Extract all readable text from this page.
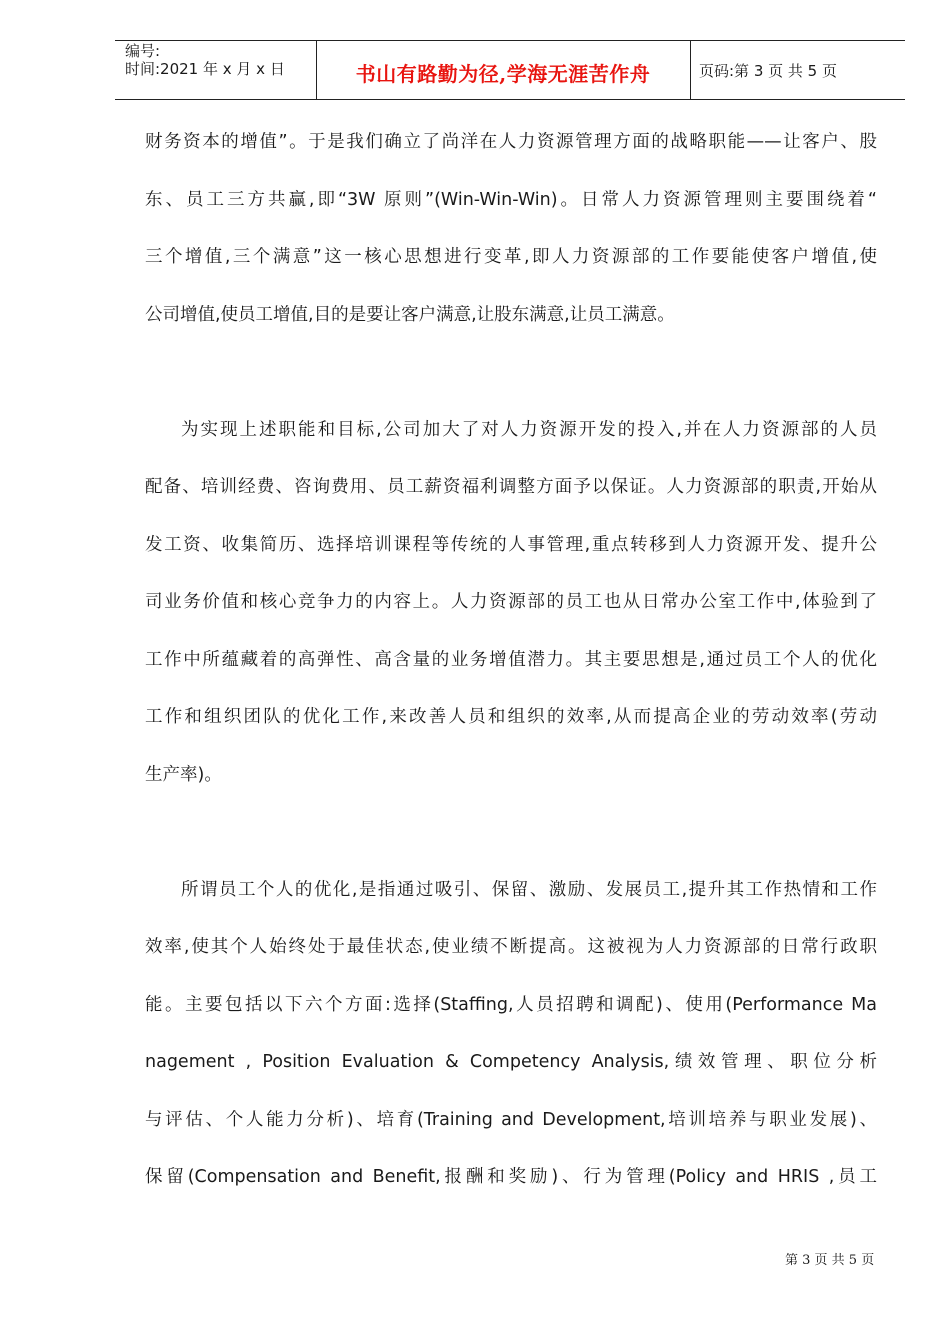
编号:
时间:2021 年 x 月 x 日	书山有路勤为径,学海无涯苦作舟	页码:第 3 页 共 5 页
财务资本的增值”。于是我们确立了尚洋在人力资源管理方面的战略职能——让客户、股
东、员工三方共赢,即“3W 原则”(Win-Win-Win)。日常人力资源管理则主要围绕着“
三个增值,三个满意”这一核心思想进行变革,即人力资源部的工作要能使客户增值,使
公司增值,使员工增值,目的是要让客户满意,让股东满意,让员工满意。
为实现上述职能和目标,公司加大了对人力资源开发的投入,并在人力资源部的人员
配备、培训经费、咨询费用、员工薪资福利调整方面予以保证。人力资源部的职责,开始从
发工资、收集简历、选择培训课程等传统的人事管理,重点转移到人力资源开发、提升公
司业务价值和核心竞争力的内容上。人力资源部的员工也从日常办公室工作中,体验到了
工作中所蕴藏着的高弹性、高含量的业务增值潜力。其主要思想是,通过员工个人的优化
工作和组织团队的优化工作,来改善人员和组织的效率,从而提高企业的劳动效率(劳动
生产率)。
所谓员工个人的优化,是指通过吸引、保留、激励、发展员工,提升其工作热情和工作
效率,使其个人始终处于最佳状态,使业绩不断提高。这被视为人力资源部的日常行政职
能。主要包括以下六个方面:选择(Staffing,人员招聘和调配)、使用(Performance Ma
nagement , Position Evaluation & Competency Analysis,绩效管理、职位分析
与评估、个人能力分析)、培育(Training and Development,培训培养与职业发展)、
保留(Compensation and Benefit,报酬和奖励)、行为管理(Policy and HRIS ,员工
第 3 页 共 5 页
